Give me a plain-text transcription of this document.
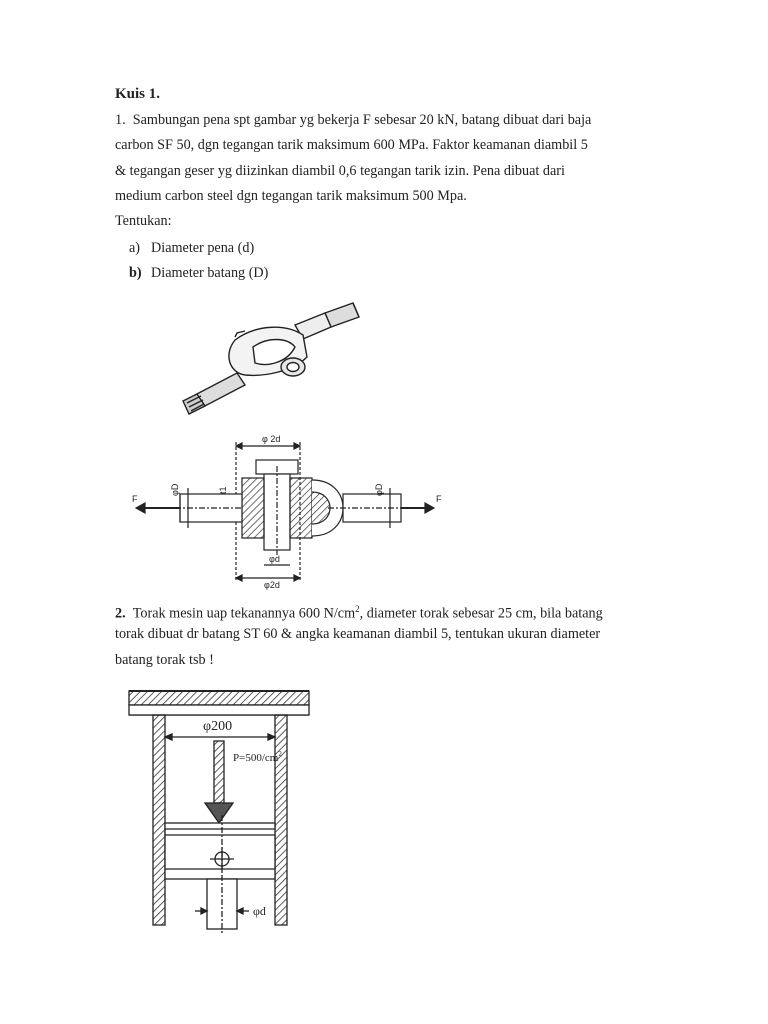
Kuis 1.
1. Sambungan pena spt gambar yg bekerja F sebesar 20 kN, batang dibuat dari baja
carbon SF 50, dgn tegangan tarik maksimum 600 MPa. Faktor keamanan diambil 5
& tegangan geser yg diizinkan diambil 0,6 tegangan tarik izin. Pena dibuat dari
medium carbon steel dgn tegangan tarik maksimum 500 Mpa.
Tentukan:
a) Diameter pena (d)
b) Diameter batang (D)
φ 2d
φd
φ2d
φD	φD
t1
F	F
2. Torak mesin uap tekanannya 600 $N/cm^2$, diameter torak sebesar 25 cm, bila batang
torak dibuat dr batang ST 60 & angka keamanan diambil 5, tentukan ukuran diameter
batang torak tsb !
φ200
$P=500/cm^2$
φd
